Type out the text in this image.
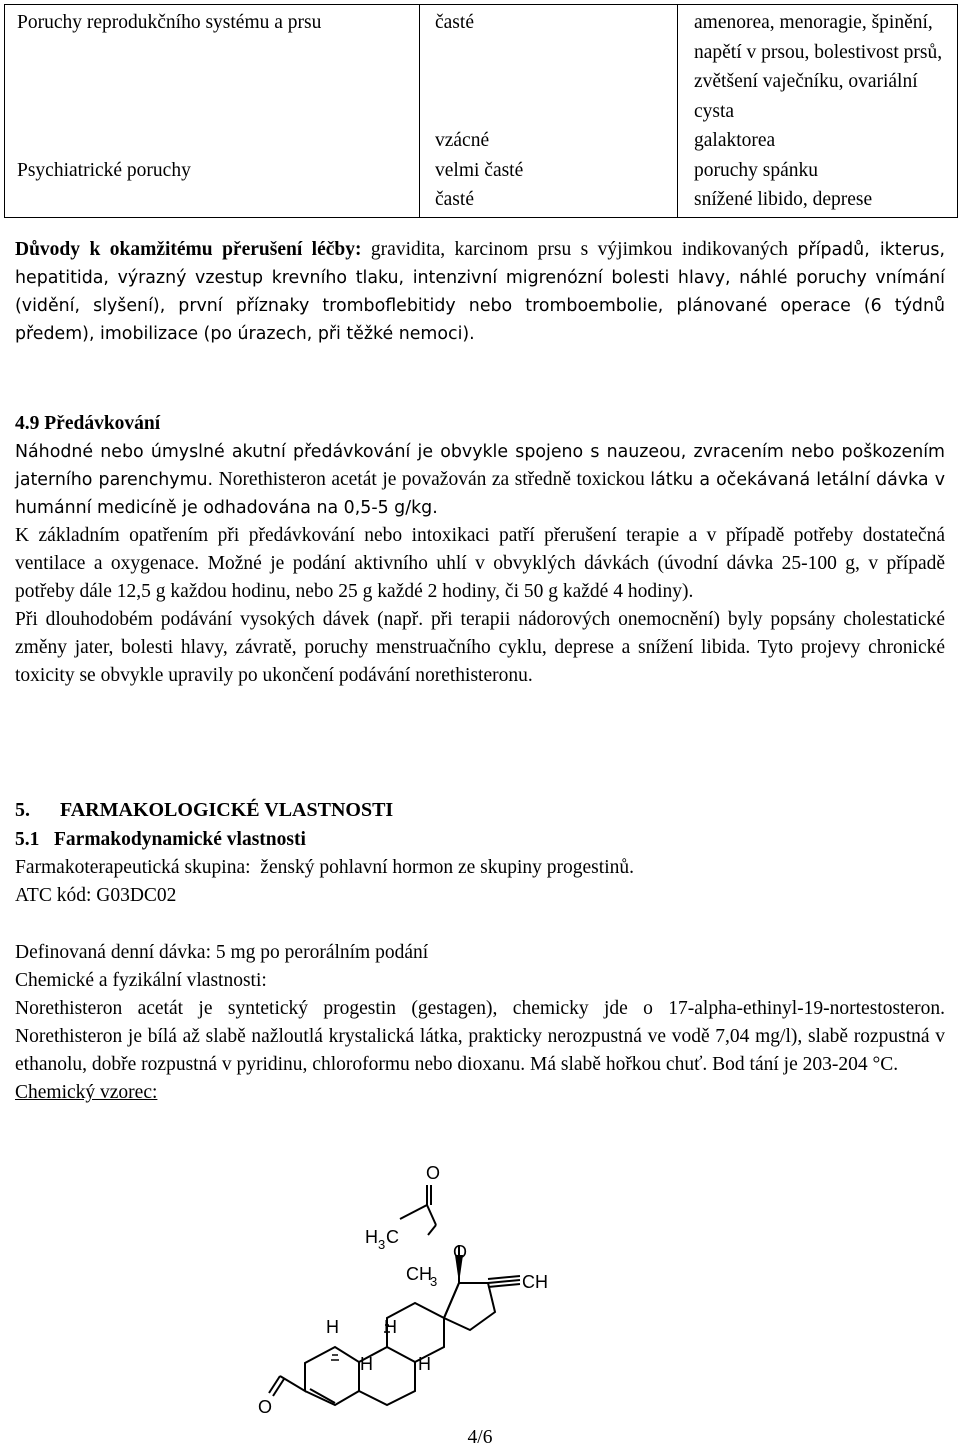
Poruchy reprodukčního systému a prsu	časté	amenorea, menoragie, špinění, napětí v prsou, bolestivost prsů, zvětšení vaječníku, ovariální cysta
	vzácné	galaktorea
Psychiatrické poruchy	velmi časté	poruchy spánku
	časté	snížené libido, deprese

Důvody k okamžitému přerušení léčby: gravidita, karcinom prsu s výjimkou indikovaných případů, ikterus, hepatitida, výrazný vzestup krevního tlaku, intenzivní migrenózní bolesti hlavy, náhlé poruchy vnímání (vidění, slyšení), první příznaky tromboflebitidy nebo tromboembolie, plánované operace (6 týdnů předem), imobilizace (po úrazech, při těžké nemoci).

4.9 Předávkování

Náhodné nebo úmyslné akutní předávkování je obvykle spojeno s nauzeou, zvracením nebo poškozením jaterního parenchymu. Norethisteron acetát je považován za středně toxickou látku a očekávaná letální dávka v humánní medicíně je odhadována na 0,5-5 g/kg.

K základním opatřením při předávkování nebo intoxikaci patří přerušení terapie a v případě potřeby dostatečná ventilace a oxygenace. Možné je podání aktivního uhlí v obvyklých dávkách (úvodní dávka 25-100 g, v případě potřeby dále 12,5 g každou hodinu, nebo 25 g každé 2 hodiny, či 50 g každé 4 hodiny).

Při dlouhodobém podávání vysokých dávek (např. při terapii nádorových onemocnění) byly popsány cholestatické změny jater, bolesti hlavy, závratě, poruchy menstruačního cyklu, deprese a snížení libida. Tyto projevy chronické toxicity se obvykle upravily po ukončení podávání norethisteronu.

5.      FARMAKOLOGICKÉ VLASTNOSTI

5.1   Farmakodynamické vlastnosti

Farmakoterapeutická skupina:  ženský pohlavní hormon ze skupiny progestinů.

ATC kód: G03DC02

Definovaná denní dávka: 5 mg po perorálním podání

Chemické a fyzikální vlastnosti:

Norethisteron acetát je syntetický progestin (gestagen), chemicky jde o 17-alpha-ethinyl-19-nortestosteron. Norethisteron je bílá až slabě nažloutlá krystalická látka, prakticky nerozpustná ve vodě 7,04 mg/l), slabě rozpustná v ethanolu, dobře rozpustná v pyridinu, chloroformu nebo dioxanu. Má slabě hořkou chuť. Bod tání je 203-204 °C.

Chemický vzorec:

O
H 3 C
O
CH
3	CH
H	H
H	H
O
4/6
